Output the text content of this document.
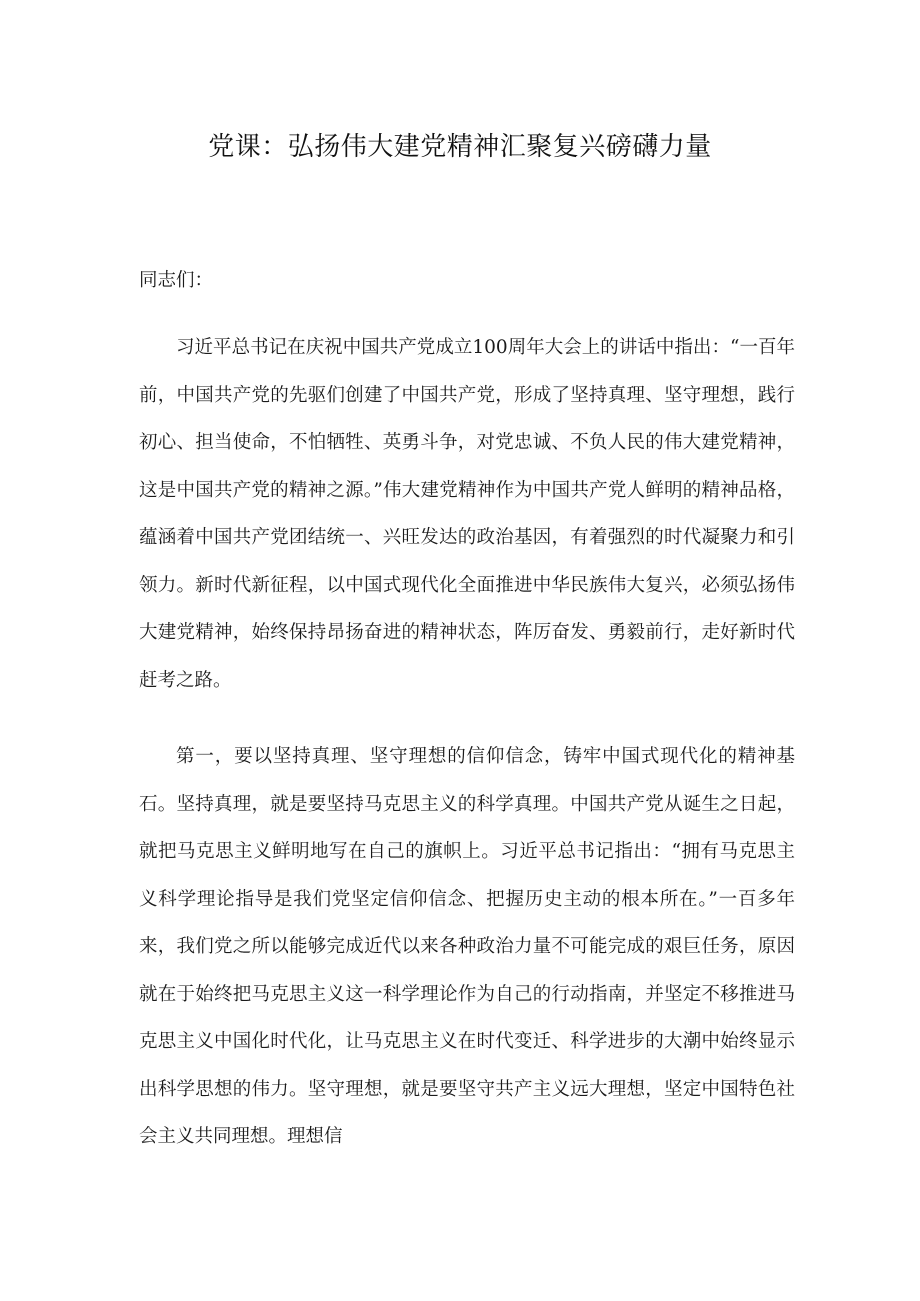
党课：弘扬伟大建党精神汇聚复兴磅礴力量

同志们：

习近平总书记在庆祝中国共产党成立100周年大会上的讲话中指出：“一百年前，中国共产党的先驱们创建了中国共产党，形成了坚持真理、坚守理想，践行初心、担当使命，不怕牺牲、英勇斗争，对党忠诚、不负人民的伟大建党精神，这是中国共产党的精神之源。”伟大建党精神作为中国共产党人鲜明的精神品格，蕴涵着中国共产党团结统一、兴旺发达的政治基因，有着强烈的时代凝聚力和引领力。新时代新征程，以中国式现代化全面推进中华民族伟大复兴，必须弘扬伟大建党精神，始终保持昂扬奋进的精神状态，阵厉奋发、勇毅前行，走好新时代赶考之路。

第一，要以坚持真理、坚守理想的信仰信念，铸牢中国式现代化的精神基石。坚持真理，就是要坚持马克思主义的科学真理。中国共产党从诞生之日起，就把马克思主义鲜明地写在自己的旗帜上。习近平总书记指出：“拥有马克思主义科学理论指导是我们党坚定信仰信念、把握历史主动的根本所在。”一百多年来，我们党之所以能够完成近代以来各种政治力量不可能完成的艰巨任务，原因就在于始终把马克思主义这一科学理论作为自己的行动指南，并坚定不移推进马克思主义中国化时代化，让马克思主义在时代变迁、科学进步的大潮中始终显示出科学思想的伟力。坚守理想，就是要坚守共产主义远大理想，坚定中国特色社会主义共同理想。理想信
